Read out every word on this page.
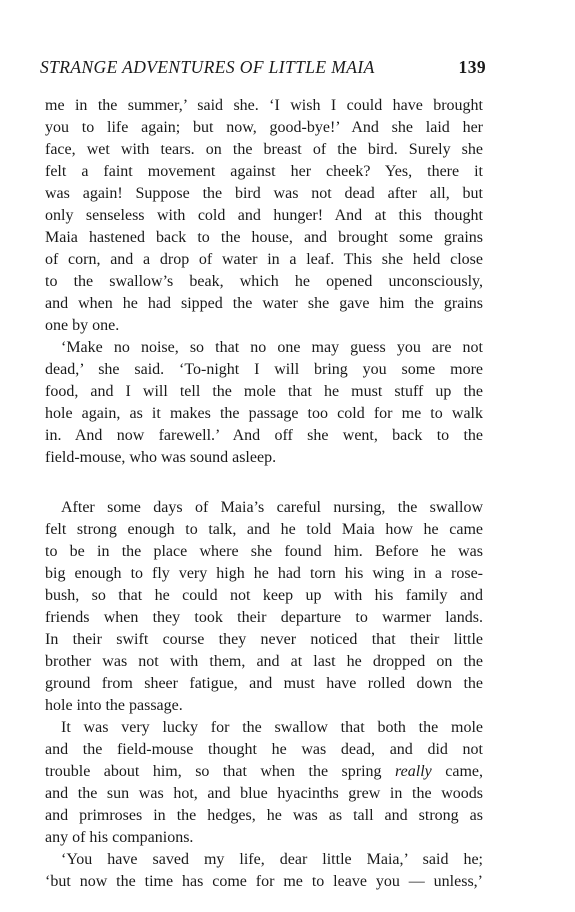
STRANGE ADVENTURES OF LITTLE MAIA	139
me in the summer,’ said she. ‘I wish I could have brought
you to life again; but now, good-bye!’ And she laid her
face, wet with tears. on the breast of the bird. Surely she
felt a faint movement against her cheek? Yes, there it
was again! Suppose the bird was not dead after all, but
only senseless with cold and hunger! And at this thought
Maia hastened back to the house, and brought some grains
of corn, and a drop of water in a leaf. This she held close
to the swallow’s beak, which he opened unconsciously,
and when he had sipped the water she gave him the grains
one by one.
‘Make no noise, so that no one may guess you are not
dead,’ she said. ‘To-night I will bring you some more
food, and I will tell the mole that he must stuff up the
hole again, as it makes the passage too cold for me to walk
in. And now farewell.’ And off she went, back to the
field-mouse, who was sound asleep.
After some days of Maia’s careful nursing, the swallow
felt strong enough to talk, and he told Maia how he came
to be in the place where she found him. Before he was
big enough to fly very high he had torn his wing in a rose-
bush, so that he could not keep up with his family and
friends when they took their departure to warmer lands.
In their swift course they never noticed that their little
brother was not with them, and at last he dropped on the
ground from sheer fatigue, and must have rolled down the
hole into the passage.
It was very lucky for the swallow that both the mole
and the field-mouse thought he was dead, and did not
trouble about him, so that when the spring really came,
and the sun was hot, and blue hyacinths grew in the woods
and primroses in the hedges, he was as tall and strong as
any of his companions.
‘You have saved my life, dear little Maia,’ said he;
‘but now the time has come for me to leave you — unless,’
